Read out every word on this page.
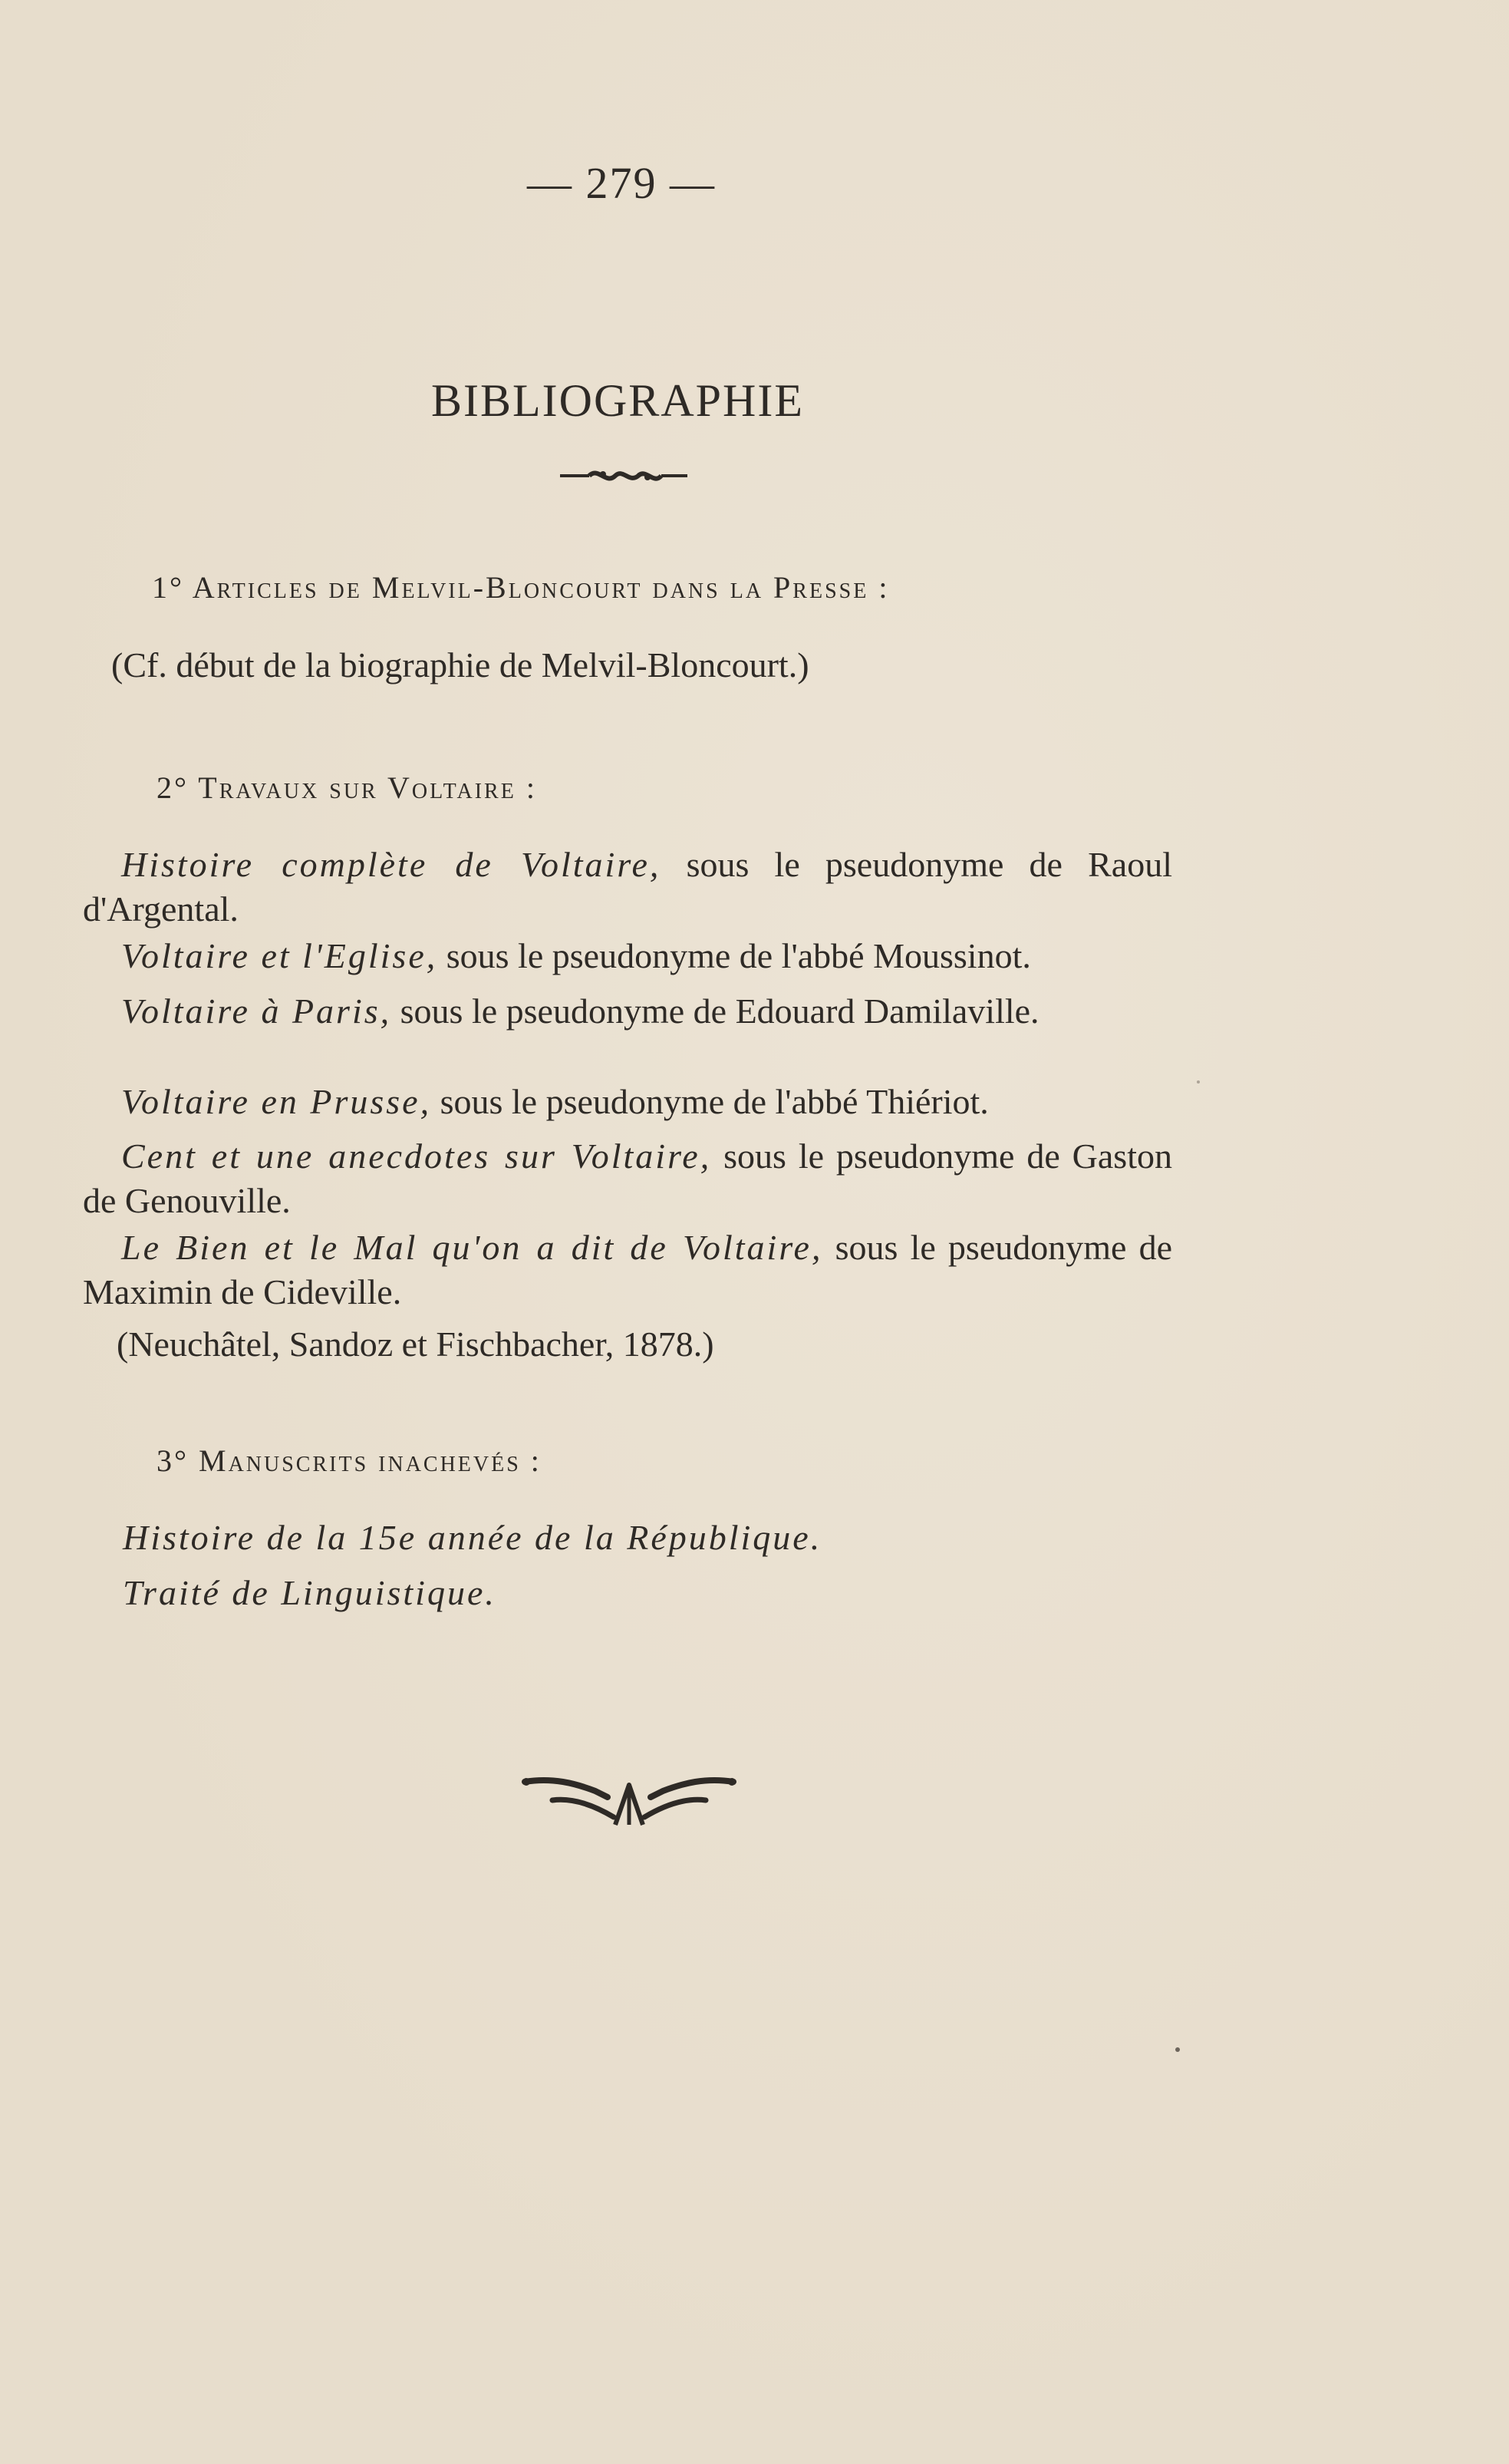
— 279 —
BIBLIOGRAPHIE
1° Articles de Melvil-Bloncourt dans la Presse :
(Cf. début de la biographie de Melvil-Bloncourt.)
2° Travaux sur Voltaire :
Histoire complète de Voltaire, sous le pseudonyme de Raoul d'Argental.
Voltaire et l'Eglise, sous le pseudonyme de l'abbé Moussinot.
Voltaire à Paris, sous le pseudonyme de Edouard Damilaville.
Voltaire en Prusse, sous le pseudonyme de l'abbé Thiériot.
Cent et une anecdotes sur Voltaire, sous le pseudonyme de Gaston de Genouville.
Le Bien et le Mal qu'on a dit de Voltaire, sous le pseudonyme de Maximin de Cideville.
(Neuchâtel, Sandoz et Fischbacher, 1878.)
3° Manuscrits inachevés :
Histoire de la 15e année de la République.
Traité de Linguistique.
